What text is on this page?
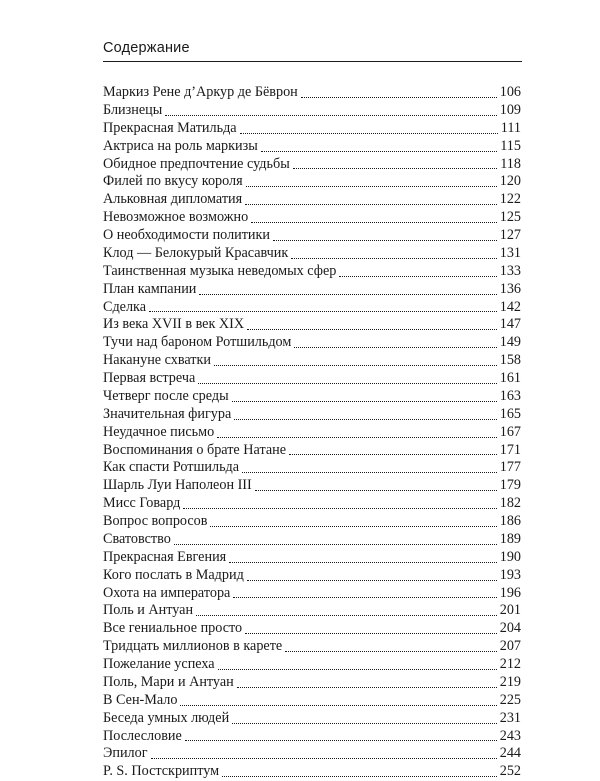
Содержание
Маркиз Рене д’Аркур де Бёврон	106
Близнецы	109
Прекрасная Матильда	111
Актриса на роль маркизы	115
Обидное предпочтение судьбы	118
Филей по вкусу короля	120
Альковная дипломатия	122
Невозможное возможно	125
О необходимости политики	127
Клод — Белокурый Красавчик	131
Таинственная музыка неведомых сфер	133
План кампании	136
Сделка	142
Из века XVII в век XIX	147
Тучи над бароном Ротшильдом	149
Накануне схватки	158
Первая встреча	161
Четверг после среды	163
Значительная фигура	165
Неудачное письмо	167
Воспоминания о брате Натане	171
Как спасти Ротшильда	177
Шарль Луи Наполеон III	179
Мисс Говард	182
Вопрос вопросов	186
Сватовство	189
Прекрасная Евгения	190
Кого послать в Мадрид	193
Охота на императора	196
Поль и Антуан	201
Все гениальное просто	204
Тридцать миллионов в карете	207
Пожелание успеха	212
Поль, Мари и Антуан	219
В Сен-Мало	225
Беседа умных людей	231
Послесловие	243
Эпилог	244
P. S. Постскриптум	252
